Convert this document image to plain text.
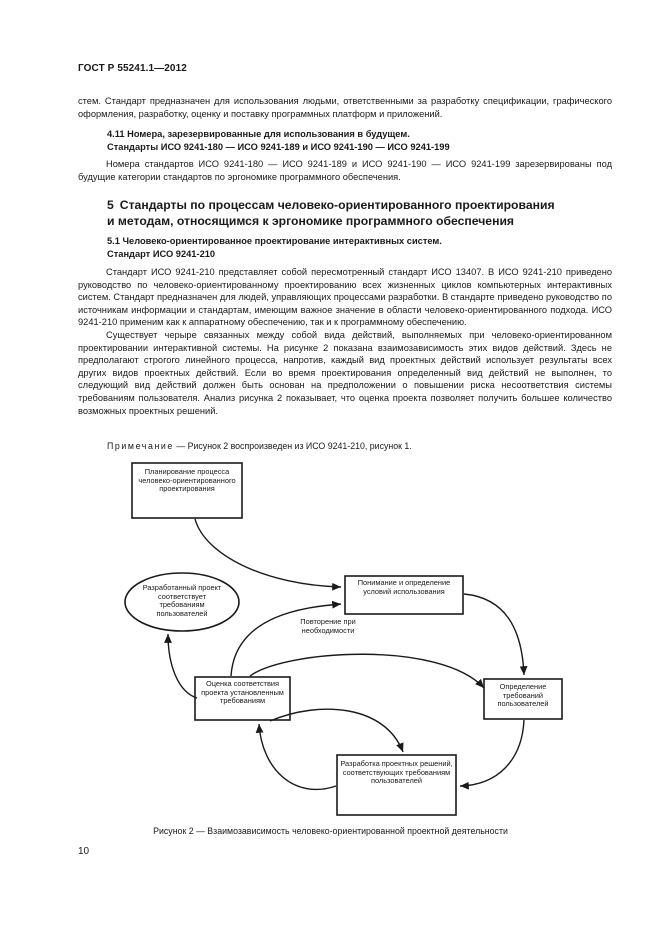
ГОСТ Р 55241.1—2012

стем. Стандарт предназначен для использования людьми, ответственными за разработку спецификации, графического оформления, разработку, оценку и поставку программных платформ и приложений.

4.11 Номера, зарезервированные для использования в будущем.
Стандарты ИСО 9241-180 — ИСО 9241-189 и ИСО 9241-190 — ИСО 9241-199

Номера стандартов ИСО 9241-180 — ИСО 9241-189 и ИСО 9241-190 — ИСО 9241-199 зарезервированы под будущие категории стандартов по эргономике программного обеспечения.

5 Стандарты по процессам человеко-ориентированного проектирования
и методам, относящимся к эргономике программного обеспечения
5.1 Человеко-ориентированное проектирование интерактивных систем.
Стандарт ИСО 9241-210

Стандарт ИСО 9241-210 представляет собой пересмотренный стандарт ИСО 13407. В ИСО 9241-210 приведено руководство по человеко-ориентированному проектированию всех жизненных циклов компьютерных интерактивных систем. Стандарт предназначен для людей, управляющих процессами разработки. В стандарте приведено руководство по источникам информации и стандартам, имеющим важное значение в области человеко-ориентированного подхода. ИСО 9241-210 применим как к аппаратному обеспечению, так и к программному обеспечению.

Существует черыре связанных между собой вида действий, выполняемых при человеко-ориентированном проектировании интерактивной системы. На рисунке 2 показана взаимозависимость этих видов действий. Здесь не предполагают строгого линейного процесса, напротив, каждый вид проектных действий использует результаты всех других видов проектных действий. Если во время проектирования определенный вид действий не выполнен, то следующий вид действий должен быть основан на предположении о повышении риска несоответствия системы требованиям пользователя. Анализ рисунка 2 показывает, что оценка проекта позволяет получить большее количество возможных проектных решений.

Примечание — Рисунок 2 воспроизведен из ИСО 9241-210, рисунок 1.
Планирование процесса человеко-ориентированного проектирования
Понимание и определение условий использования
Определение требований пользователей
Разработка проектных решений, соответствующих требованиям пользователей
Оценка соответствия проекта установленным требованиям
Разработанный проект соответствует требованиям пользователей
Повторение при необходимости
Рисунок 2 — Взаимозависимость человеко-ориентированной проектной деятельности
10
